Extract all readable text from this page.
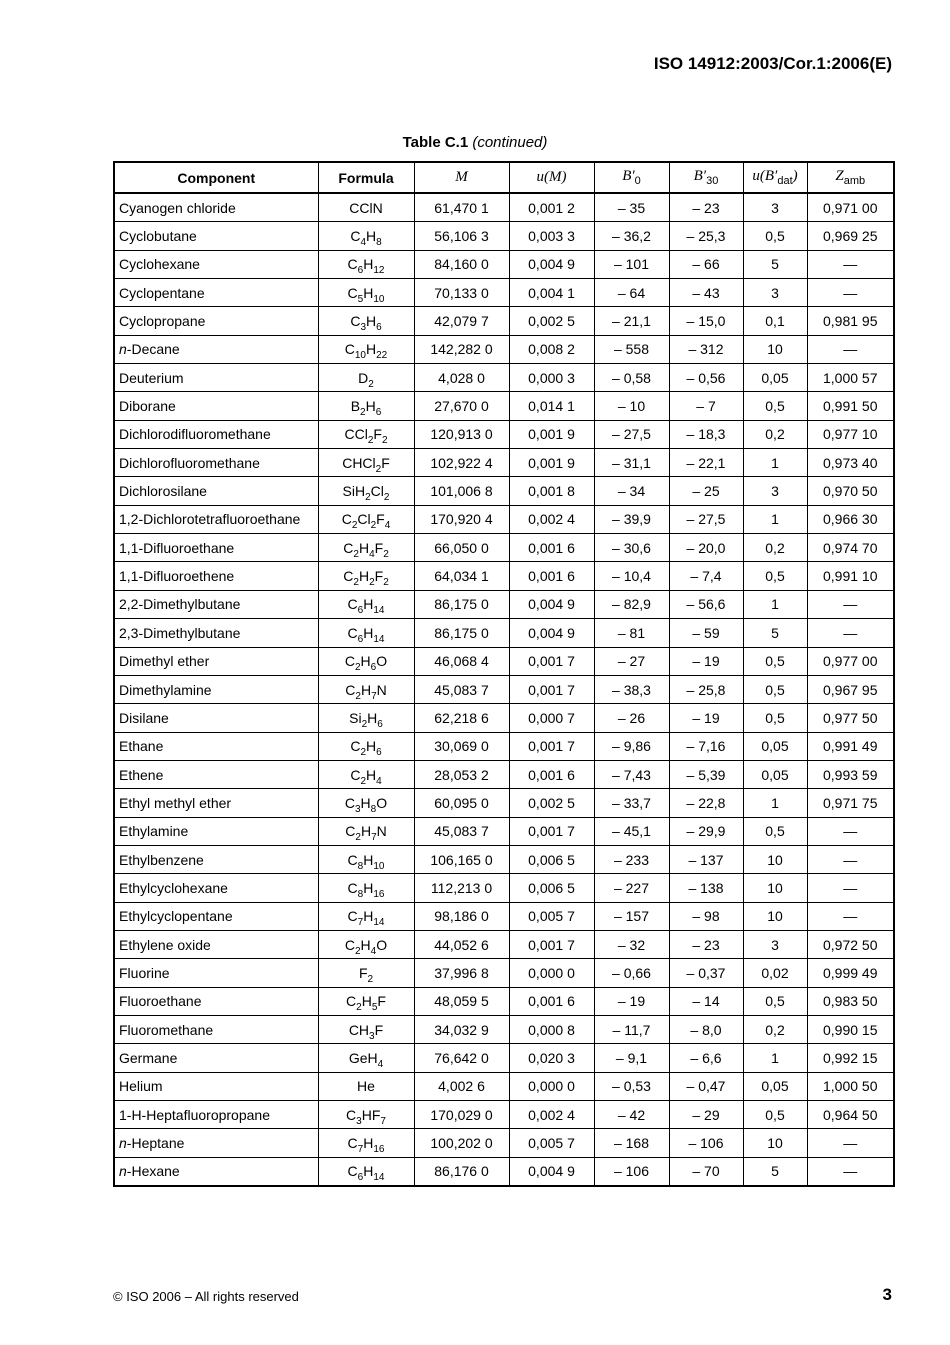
ISO 14912:2003/Cor.1:2006(E)
Table C.1 (continued)
Component	Formula	M	u(M)	$B'_0$	$B'_{30}$	$u(B'_{dat})$	$Z_{amb}$
Cyanogen chloride	CClN	61,470 1	0,001 2	– 35	– 23	3	0,971 00
Cyclobutane	$C_4H_8$	56,106 3	0,003 3	– 36,2	– 25,3	0,5	0,969 25
Cyclohexane	$C_6H_{12}$	84,160 0	0,004 9	– 101	– 66	5	—
Cyclopentane	$C_5H_{10}$	70,133 0	0,004 1	– 64	– 43	3	—
Cyclopropane	$C_3H_6$	42,079 7	0,002 5	– 21,1	– 15,0	0,1	0,981 95
n-Decane	$C_{10}H_{22}$	142,282 0	0,008 2	– 558	– 312	10	—
Deuterium	$D_2$	4,028 0	0,000 3	– 0,58	– 0,56	0,05	1,000 57
Diborane	$B_2H_6$	27,670 0	0,014 1	– 10	– 7	0,5	0,991 50
Dichlorodifluoromethane	$CCl_2F_2$	120,913 0	0,001 9	– 27,5	– 18,3	0,2	0,977 10
Dichlorofluoromethane	CHCl$_2$F	102,922 4	0,001 9	– 31,1	– 22,1	1	0,973 40
Dichlorosilane	$SiH_2Cl_2$	101,006 8	0,001 8	– 34	– 25	3	0,970 50
1,2-Dichlorotetrafluoroethane	$C_2Cl_2F_4$	170,920 4	0,002 4	– 39,9	– 27,5	1	0,966 30
1,1-Difluoroethane	$C_2H_4F_2$	66,050 0	0,001 6	– 30,6	– 20,0	0,2	0,974 70
1,1-Difluoroethene	$C_2H_2F_2$	64,034 1	0,001 6	– 10,4	– 7,4	0,5	0,991 10
2,2-Dimethylbutane	$C_6H_{14}$	86,175 0	0,004 9	– 82,9	– 56,6	1	—
2,3-Dimethylbutane	$C_6H_{14}$	86,175 0	0,004 9	– 81	– 59	5	—
Dimethyl ether	$C_2H_6O$	46,068 4	0,001 7	– 27	– 19	0,5	0,977 00
Dimethylamine	$C_2H_7N$	45,083 7	0,001 7	– 38,3	– 25,8	0,5	0,967 95
Disilane	$Si_2H_6$	62,218 6	0,000 7	– 26	– 19	0,5	0,977 50
Ethane	$C_2H_6$	30,069 0	0,001 7	– 9,86	– 7,16	0,05	0,991 49
Ethene	$C_2H_4$	28,053 2	0,001 6	– 7,43	– 5,39	0,05	0,993 59
Ethyl methyl ether	$C_3H_8O$	60,095 0	0,002 5	– 33,7	– 22,8	1	0,971 75
Ethylamine	$C_2H_7N$	45,083 7	0,001 7	– 45,1	– 29,9	0,5	—
Ethylbenzene	$C_8H_{10}$	106,165 0	0,006 5	– 233	– 137	10	—
Ethylcyclohexane	$C_8H_{16}$	112,213 0	0,006 5	– 227	– 138	10	—
Ethylcyclopentane	$C_7H_{14}$	98,186 0	0,005 7	– 157	– 98	10	—
Ethylene oxide	$C_2H_4O$	44,052 6	0,001 7	– 32	– 23	3	0,972 50
Fluorine	$F_2$	37,996 8	0,000 0	– 0,66	– 0,37	0,02	0,999 49
Fluoroethane	$C_2H_5F$	48,059 5	0,001 6	– 19	– 14	0,5	0,983 50
Fluoromethane	$CH_3F$	34,032 9	0,000 8	– 11,7	– 8,0	0,2	0,990 15
Germane	GeH$_4$	76,642 0	0,020 3	– 9,1	– 6,6	1	0,992 15
Helium	He	4,002 6	0,000 0	– 0,53	– 0,47	0,05	1,000 50
1-H-Heptafluoropropane	$C_3HF_7$	170,029 0	0,002 4	– 42	– 29	0,5	0,964 50
n-Heptane	$C_7H_{16}$	100,202 0	0,005 7	– 168	– 106	10	—
n-Hexane	$C_6H_{14}$	86,176 0	0,004 9	– 106	– 70	5	—
© ISO 2006 – All rights reserved	3
